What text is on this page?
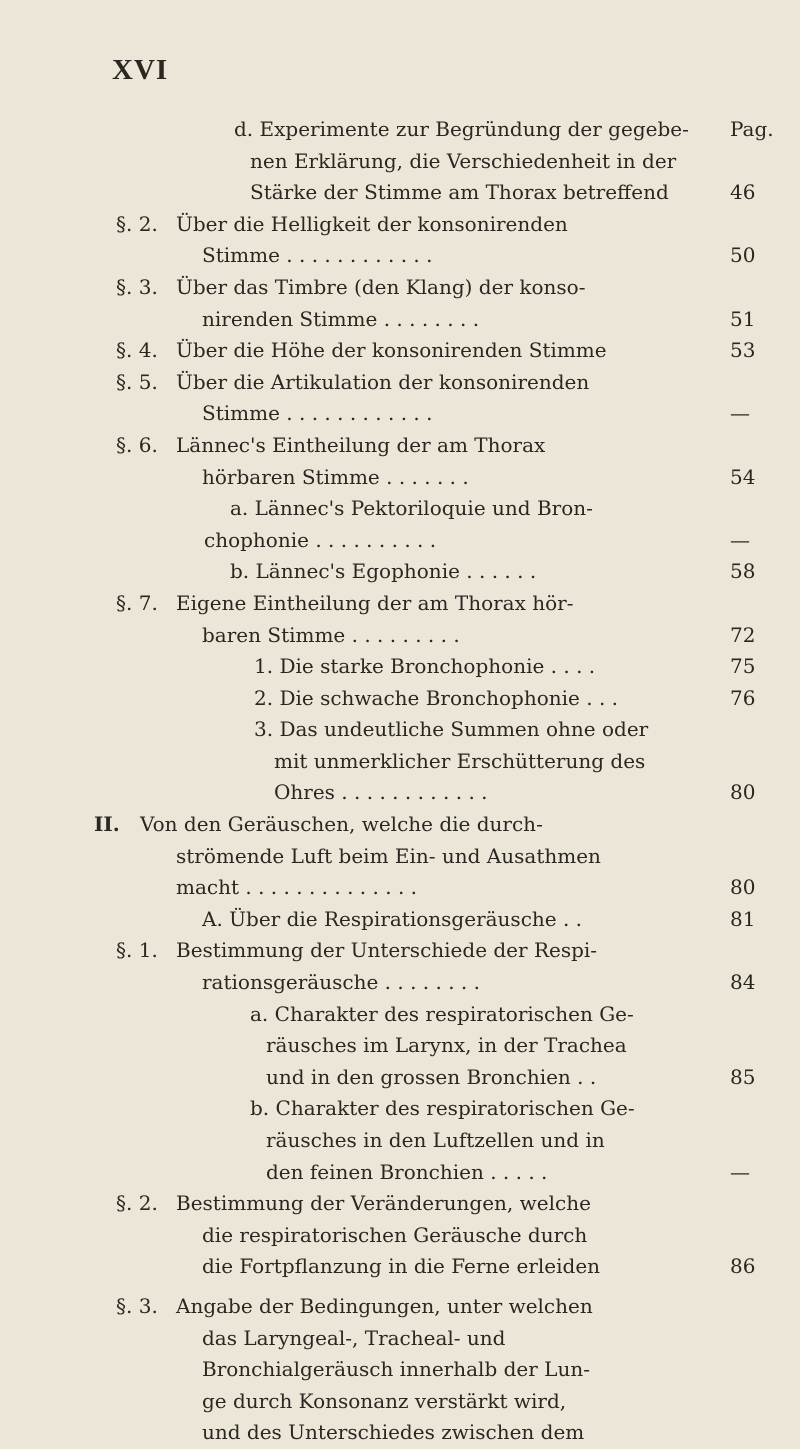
XVI
d. Experimente zur Begründung der gegebe- Pag.
nen Erklärung, die Verschiedenheit in der
Stärke der Stimme am Thorax betreffend	46
§. 2. Über die Helligkeit der konsonirenden
Stimme . . . . . . . . . . . .	50
§. 3. Über das Timbre (den Klang) der konso-
nirenden Stimme . . . . . . . .	51
§. 4. Über die Höhe der konsonirenden Stimme	53
§. 5. Über die Artikulation der konsonirenden
Stimme . . . . . . . . . . . .	—
§. 6. Lännec's Eintheilung der am Thorax
hörbaren Stimme . . . . . . .	54
a. Lännec's Pektoriloquie und Bron-
chophonie . . . . . . . . . .	—
b. Lännec's Egophonie . . . . . .	58
§. 7. Eigene Eintheilung der am Thorax hör-
baren Stimme . . . . . . . . .	72
1. Die starke Bronchophonie . . . .	75
2. Die schwache Bronchophonie . . .	76
3. Das undeutliche Summen ohne oder
mit unmerklicher Erschütterung des
Ohres . . . . . . . . . . . .	80
II.	Von den Geräuschen, welche die durch-
strömende Luft beim Ein- und Ausathmen
macht . . . . . . . . . . . . . .	80
A. Über die Respirationsgeräusche . .	81
§. 1. Bestimmung der Unterschiede der Respi-
rationsgeräusche . . . . . . . .	84
a. Charakter des respiratorischen Ge-
räusches im Larynx, in der Trachea
und in den grossen Bronchien . .	85
b. Charakter des respiratorischen Ge-
räusches in den Luftzellen und in
den feinen Bronchien . . . . .	—
§. 2. Bestimmung der Veränderungen, welche
die respiratorischen Geräusche durch
die Fortpflanzung in die Ferne erleiden	86
§. 3. Angabe der Bedingungen, unter welchen
das Laryngeal-, Tracheal- und
Bronchialgeräusch innerhalb der Lun-
ge durch Konsonanz verstärkt wird,
und des Unterschiedes zwischen dem
